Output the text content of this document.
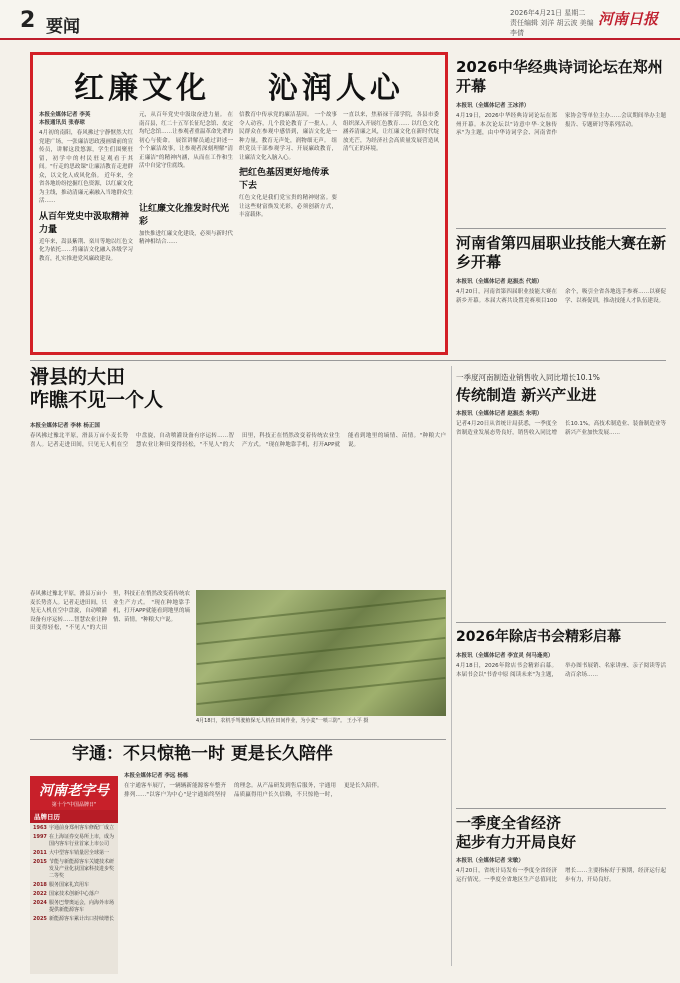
2 要闻
2026年4月21日 星期二
责任编辑 刘洋 胡云波 美编 李倩
河南日报
红廉文化 沁润人心
本报全媒体记者 李英
本报通讯员 张春琼
4月初的南阳，春风拂过宁静惬然大红党建广场，一张廉洁思政漫画墙前的宣传员，讲解这段悠源，学生们围聚驻留，初学中的村民驻足观看于其间。"行走的思政课"让廉洁教育走进群众，以文化人成风化俗。 近年来，全省各地纷纷挖掘红色资源，以红廉文化为主线，推动清廉元素融入当地群众生活……
从百年党史中汲取精神力量
近年来，嵩县紫荆、栾川等地以红色文化为依托……将廉洁文化融入各级学习教育，扎实推进党风廉政建设。
元，从百年党史中汲取奋进力量。 在南召县，红二十五军长征纪念馆、皮定均纪念馆……让参观者重温革命先辈的初心与使命。 展馆讲解员通过讲述一个个廉洁故事，让参观者深刻理解"清正廉洁"的精神内涵，从而在工作和生活中自觉守住底线。
让红廉文化推发时代光彩
加快推进红廉文化建设，必须与新时代精神相结合……
信教育中传承党的廉洁基因。 一个故事令人动容，几个段论教育了一批人。人民群众在参观中感悟到，廉洁文化是一种力量，教育无声处，润物细无声。 组织党员干部参观学习、开展廉政教育，让廉洁文化入脑入心。
把红色基因更好地传承下去
红色文化是我们党宝贵的精神财富。要让这些财富焕发光彩，必须创新方式，丰富载体。
一直以来，焦裕禄干部学院，各县市委组织深入开展红色教育…… 以红色文化涵养清廉之风，让红廉文化在新时代绽放光芒，为经济社会高质量发展营造风清气正的环境。
2026中华经典诗词论坛在郑州开幕
本报讯（全媒体记者 王冰洋）
4月19日，2026中华经典诗词论坛在郑州开幕。本次论坛以"诗意中华·文脉传承"为主题，由中华诗词学会、河南省作家协会等单位主办……会议期间举办主题报告、专题研讨等系列活动。
河南省第四届职业技能大赛在新乡开幕
本报讯（全媒体记者 赵振杰 代娟）
4月20日，河南省第四届职业技能大赛在新乡开幕。本届大赛共设置竞赛项目100余个，吸引全省各地选手参赛……以赛促学、以赛促训，推动技能人才队伍建设。
滑县的大田
咋瞧不见一个人
本报全媒体记者 李林 杨正国
春风拂过豫北平原，滑县万亩小麦长势喜人。记者走进田间，只见无人机在空中盘旋，自动喷灌设备有序运转……智慧农业让种田变得轻松，"不见人"的大田里，科技正在悄然改变着传统农业生产方式。 "现在种地靠手机，打开APP就能看到地里的墒情、苗情。"种粮大户说。
4月18日，农机手驾驶植保无人机在田间作业，为小麦"一喷三防"。 王小平 摄
春风拂过豫北平原，滑县万亩小麦长势喜人。记者走进田间，只见无人机在空中盘旋，自动喷灌设备有序运转……智慧农业让种田变得轻松，"不见人"的大田里，科技正在悄然改变着传统农业生产方式。 "现在种地靠手机，打开APP就能看到地里的墒情、苗情。"种粮大户说。
一季度河南制造业销售收入同比增长10.1%
传统制造 新兴产业进
本报讯（全媒体记者 赵振杰 朱明）
记者4月20日从省统计局获悉，一季度全省制造业发展态势良好，销售收入同比增长10.1%，高技术制造业、装备制造业等新兴产业加快发展……
2026年除店书会精彩启幕
本报讯（全媒体记者 李宜灵 何马逢亮）
4月18日，2026年除店书会精彩启幕。本届书会以"书香中原 阅读未来"为主题，举办图书展销、名家讲座、亲子阅读等活动百余场……
宇通：不只惊艳一时 更是长久陪伴
本报全媒体记者 李远 杨栋
在宇通客车展厅，一辆辆新能源客车整齐排列……"以客户为中心"是宇通始终坚持的理念。从产品研发到售后服务，宇通用品质赢得用户长久信赖，不只惊艳一时，更是长久陪伴。
河南老字号
第十个"中国品牌日"
品牌日历
1963 宇通前身郑州客车修配厂成立
1997 在上海证券交易所上市，成为国内客车行业首家上市公司
2011 大中型客车销量居全球第一
2015 节能与新能源客车关键技术研发及产业化获国家科技进步奖二等奖
2018 服务国家礼宾用车
2022 国家技术创新中心落户
2024 服务巴黎奥运会，向海外市场提供新能源客车
2025 新能源客车累计出口持续增长
一季度全省经济
起步有力开局良好
本报讯（全媒体记者 宋敏）
4月20日，省统计局发布一季度全省经济运行情况。一季度全省地区生产总值同比增长……主要指标好于预期，经济运行起步有力，开局良好。
